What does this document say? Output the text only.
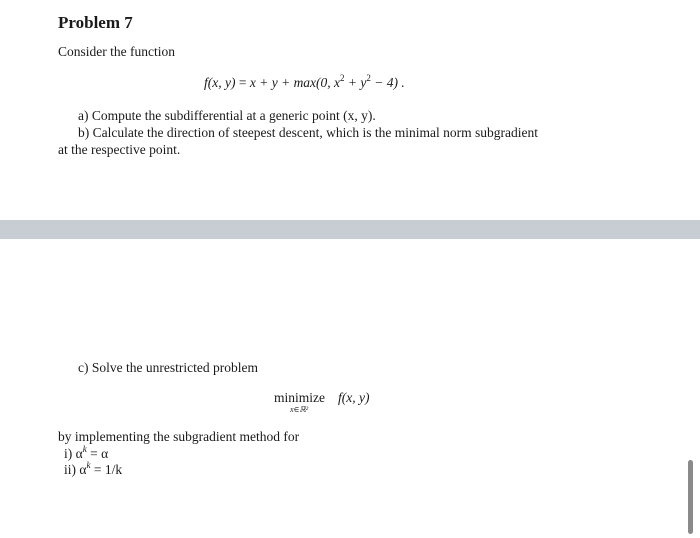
Problem 7
Consider the function
f(x, y) = x + y + max(0, $x^2 + y^2 - 4$) .
a) Compute the subdifferential at a generic point (x, y).
b) Calculate the direction of steepest descent, which is the minimal norm subgradient
at the respective point.
c) Solve the unrestricted problem
minimize
x∈ℝ²
f(x, y)
by implementing the subgradient method for
i) $\alpha^k = \alpha$
ii) $\alpha^k = 1/k$
